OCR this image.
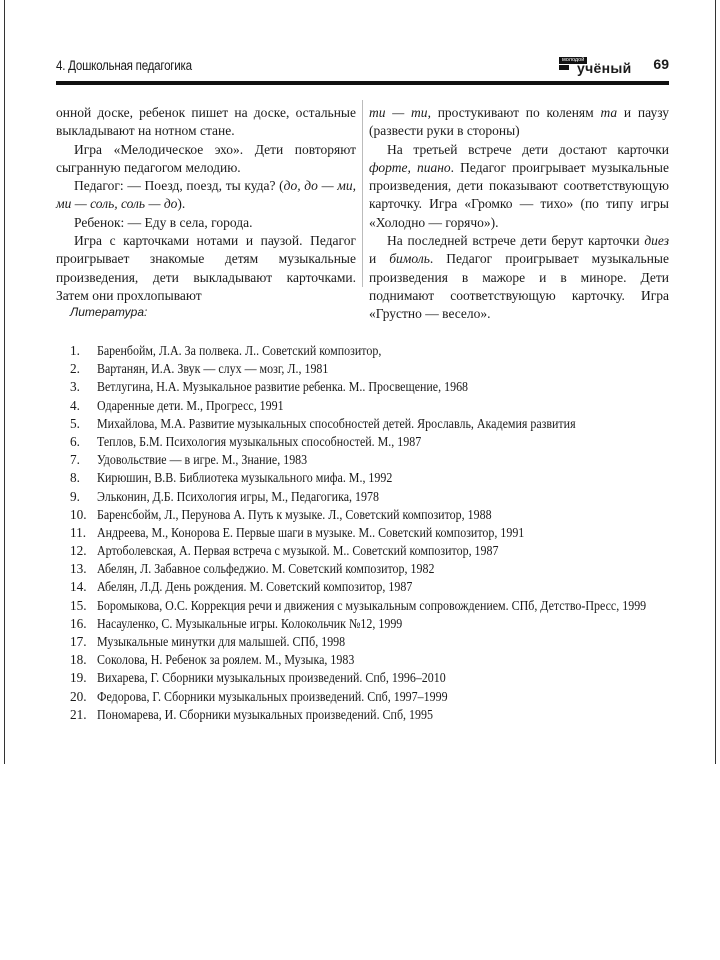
4. Дошкольная педагогика	молодой
учёный 69

онной доске, ребенок пишет на доске, остальные выкладывают на нотном стане.

Игра «Мелодическое эхо». Дети повторяют сыгранную педагогом мелодию.

Педагог: — Поезд, поезд, ты куда? (до, до — ми, ми — соль, соль — до).

Ребенок: — Еду в села, города.

Игра с карточками нотами и паузой. Педагог проигрывает знакомые детям музыкальные произведения, дети выкладывают карточками. Затем они прохлопывают

ти — ти, простукивают по коленям та и паузу (развести руки в стороны)

На третьей встрече дети достают карточки форте, пиано. Педагог проигрывает музыкальные произведения, дети показывают соответствующую карточку. Игра «Громко — тихо» (по типу игры «Холодно — горячо»).

На последней встрече дети берут карточки диез и бимоль. Педагог проигрывает музыкальные произведения в мажоре и в миноре. Дети поднимают соответствующую карточку. Игра «Грустно — весело».

Литература:
1.	Баренбойм, Л.А. За полвека. Л.. Советский композитор,
2.	Вартанян, И.А. Звук — слух — мозг, Л., 1981
3.	Ветлугина, Н.А. Музыкальное развитие ребенка. М.. Просвещение, 1968
4.	Одаренные дети. М., Прогресс, 1991
5.	Михайлова, М.А. Развитие музыкальных способностей детей. Ярославль, Академия развития
6.	Теплов, Б.М. Психология музыкальных способностей. М., 1987
7.	Удовольствие — в игре. М., Знание, 1983
8.	Кирюшин, В.В. Библиотека музыкального мифа. М., 1992
9.	Эльконин, Д.Б. Психология игры, М., Педагогика, 1978
10. Баренсбойм, Л., Перунова А. Путь к музыке. Л., Советский композитор, 1988
11. Андреева, М., Конорова Е. Первые шаги в музыке. М.. Советский композитор, 1991
12. Артоболевская, А. Первая встреча с музыкой. М.. Советский композитор, 1987
13. Абелян, Л. Забавное сольфеджио. М. Советский композитор, 1982
14. Абелян, Л.Д. День рождения. М. Советский композитор, 1987
15. Боромыкова, О.С. Коррекция речи и движения с музыкальным сопровождением. СПб, Детство-Пресс, 1999
16. Насауленко, С. Музыкальные игры. Колокольчик №12, 1999
17. Музыкальные минутки для малышей. СПб, 1998
18. Соколова, Н. Ребенок за роялем. М., Музыка, 1983
19. Вихарева, Г. Сборники музыкальных произведений. Спб, 1996–2010
20. Федорова, Г. Сборники музыкальных произведений. Спб, 1997–1999
21. Пономарева, И. Сборники музыкальных произведений. Спб, 1995
